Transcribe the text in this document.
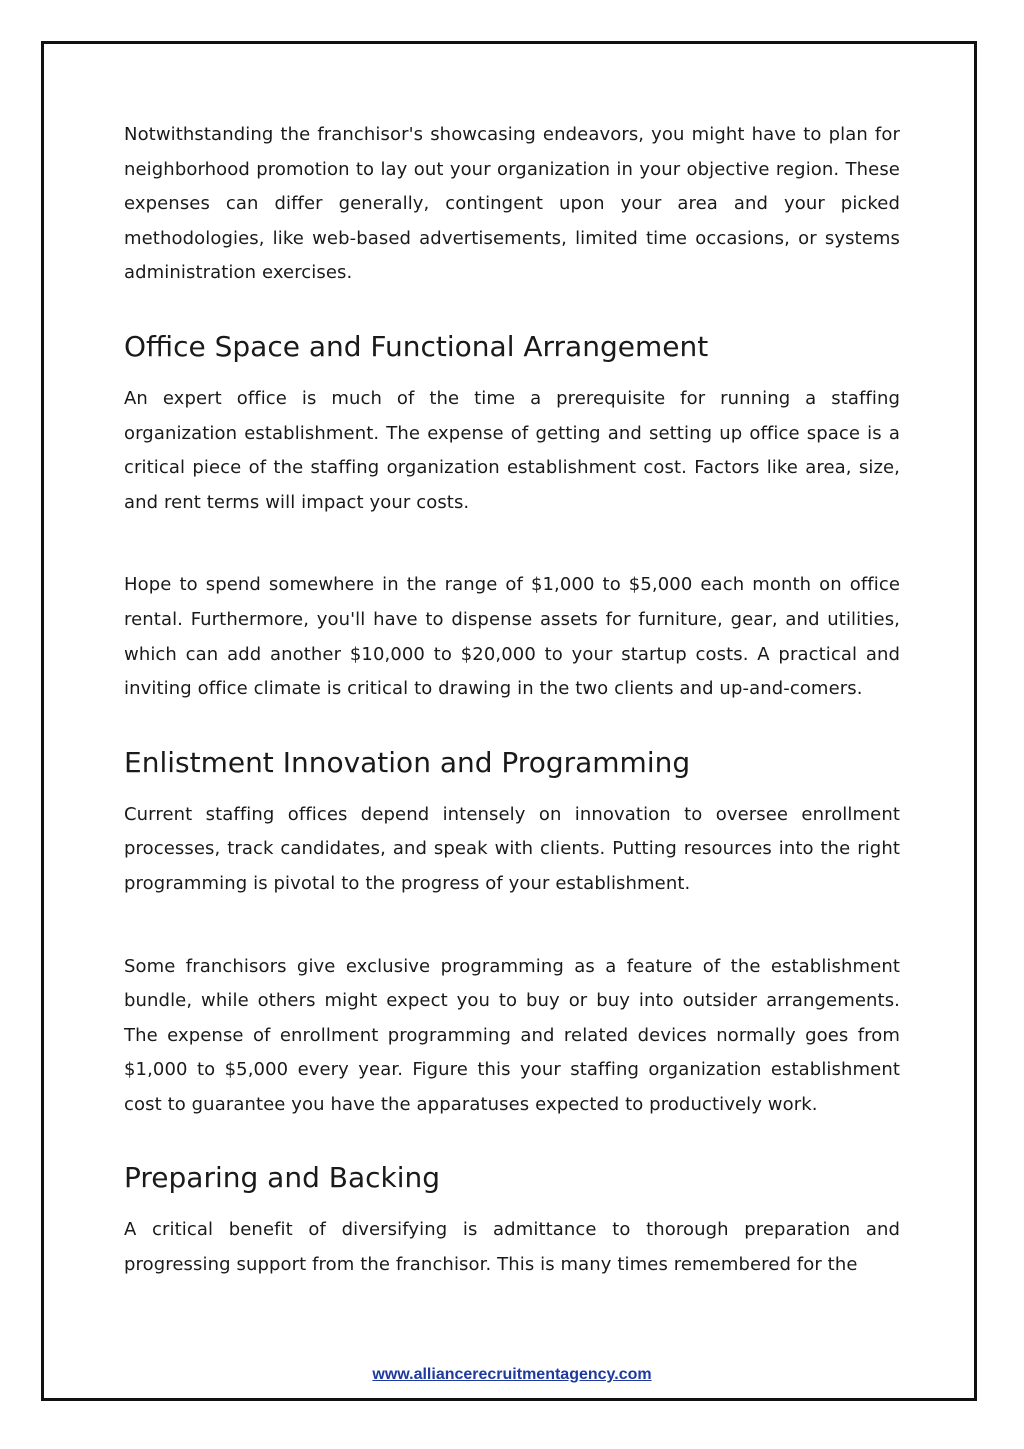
Notwithstanding the franchisor's showcasing endeavors, you might have to plan for neighborhood promotion to lay out your organization in your objective region. These expenses can differ generally, contingent upon your area and your picked methodologies, like web-based advertisements, limited time occasions, or systems administration exercises.

Office Space and Functional Arrangement

An expert office is much of the time a prerequisite for running a staffing organization establishment. The expense of getting and setting up office space is a critical piece of the staffing organization establishment cost. Factors like area, size, and rent terms will impact your costs.

Hope to spend somewhere in the range of $1,000 to $5,000 each month on office rental. Furthermore, you'll have to dispense assets for furniture, gear, and utilities, which can add another $10,000 to $20,000 to your startup costs. A practical and inviting office climate is critical to drawing in the two clients and up-and-comers.

Enlistment Innovation and Programming

Current staffing offices depend intensely on innovation to oversee enrollment processes, track candidates, and speak with clients. Putting resources into the right programming is pivotal to the progress of your establishment.

Some franchisors give exclusive programming as a feature of the establishment bundle, while others might expect you to buy or buy into outsider arrangements. The expense of enrollment programming and related devices normally goes from $1,000 to $5,000 every year. Figure this your staffing organization establishment cost to guarantee you have the apparatuses expected to productively work.

Preparing and Backing

A critical benefit of diversifying is admittance to thorough preparation and progressing support from the franchisor. This is many times remembered for the

www.alliancerecruitmentagency.com
